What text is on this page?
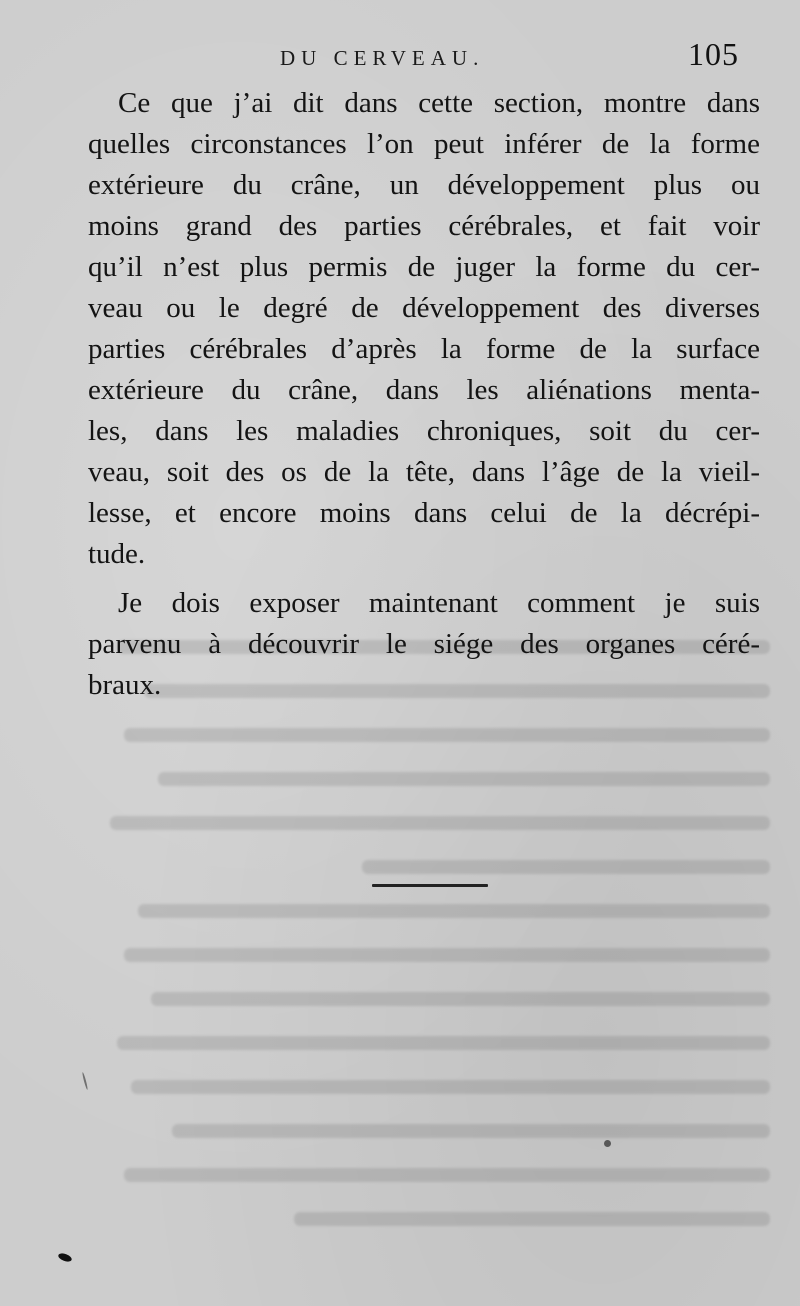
DU CERVEAU.	105
Ce que j’ai dit dans cette section, montre dans
quelles circonstances l’on peut inférer de la forme
extérieure du crâne, un développement plus ou
moins grand des parties cérébrales, et fait voir
qu’il n’est plus permis de juger la forme du cer-
veau ou le degré de développement des diverses
parties cérébrales d’après la forme de la surface
extérieure du crâne, dans les aliénations menta-
les, dans les maladies chroniques, soit du cer-
veau, soit des os de la tête, dans l’âge de la vieil-
lesse, et encore moins dans celui de la décrépi-
tude.
Je dois exposer maintenant comment je suis
parvenu à découvrir le siége des organes céré-
braux.
